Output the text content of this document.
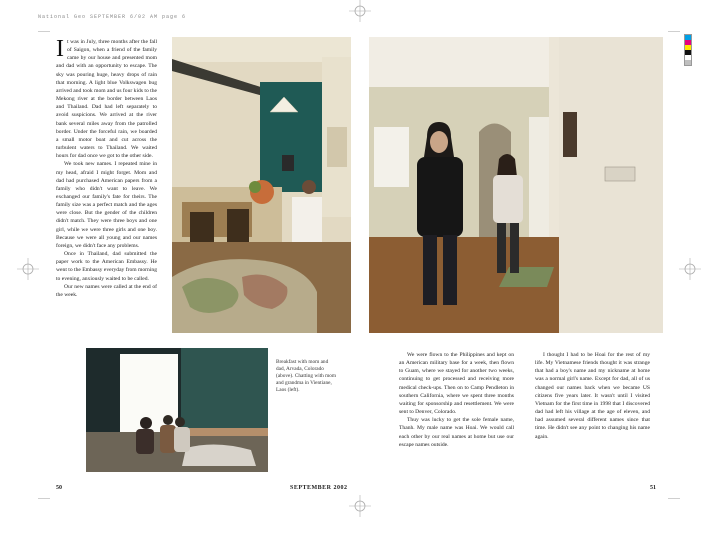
National Geo SEPTEMBER 6/02 AM page 6

It was in July, three months after the fall of Saigon, when a friend of the family came by our house and presented mom and dad with an opportunity to escape. The sky was pouring huge, heavy drops of rain that morning. A light blue Volkswagen bug arrived and took mom and us four kids to the Mekong river at the border between Laos and Thailand. Dad had left separately to avoid suspicions. We arrived at the river bank several miles away from the patrolled border. Under the forceful rain, we boarded a small motor boat and cut across the turbulent waters to Thailand. We waited hours for dad once we got to the other side.

We took new names. I repeated mine in my head, afraid I might forget. Mom and dad had purchased American papers from a family who didn't want to leave. We exchanged our family's fate for theirs. The family size was a perfect match and the ages were close. But the gender of the children didn't match. They were three boys and one girl, while we were three girls and one boy. Because we were all young and our names foreign, we didn't face any problems.

Once in Thailand, dad submitted the paper work to the American Embassy. He went to the Embassy everyday from morning to evening, anxiously waited to be called.

Our new names were called at the end of the week.

Breakfast with mom and dad, Arvada, Colorado (above). Chatting with mom and grandma in Vientiane, Laos (left).

We were flown to the Philippines and kept on an American military base for a week, then flown to Guam, where we stayed for another two weeks, continuing to get processed and receiving more medical check-ups. Then on to Camp Pendleton in southern California, where we spent three months waiting for sponsorship and resettlement. We were sent to Denver, Colorado.

Thuy was lucky to get the sole female name, Thanh. My male name was Hoai. We would call each other by our real names at home but use our escape names outside.

I thought I had to be Hoai for the rest of my life. My Vietnamese friends thought it was strange that had a boy's name and my nickname at home was a normal girl's name. Except for dad, all of us changed our names back when we became US citizens five years later. It wasn't until I visited Vietnam for the first time in 1998 that I discovered dad had left his village at the age of eleven, and had assumed several different names since that time. He didn't see any point to changing his name again.

50	SEPTEMBER 2002	51
